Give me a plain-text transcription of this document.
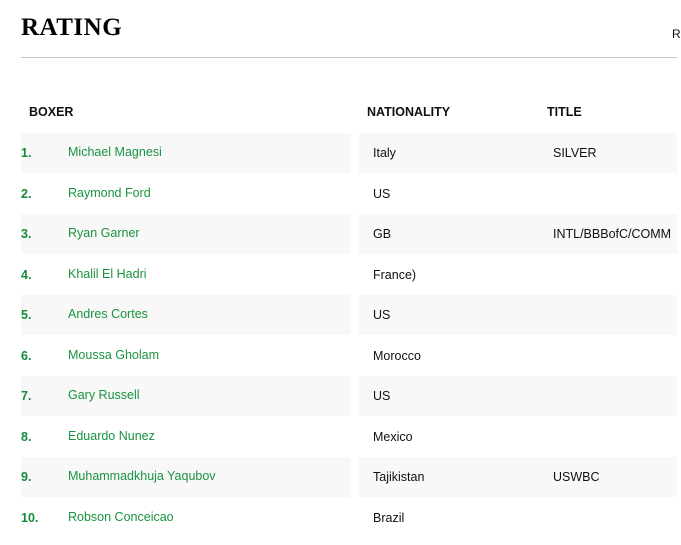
RATING	R
BOXER	NATIONALITY	TITLE
1.	Michael Magnesi	Italy	SILVER
2.	Raymond Ford	US
3.	Ryan Garner	GB	INTL/BBBofC/COMM
4.	Khalil El Hadri	France)
5.	Andres Cortes	US
6.	Moussa Gholam	Morocco
7.	Gary Russell	US
8.	Eduardo Nunez	Mexico
9.	Muhammadkhuja Yaqubov	Tajikistan	USWBC
10. Robson Conceicao	Brazil
